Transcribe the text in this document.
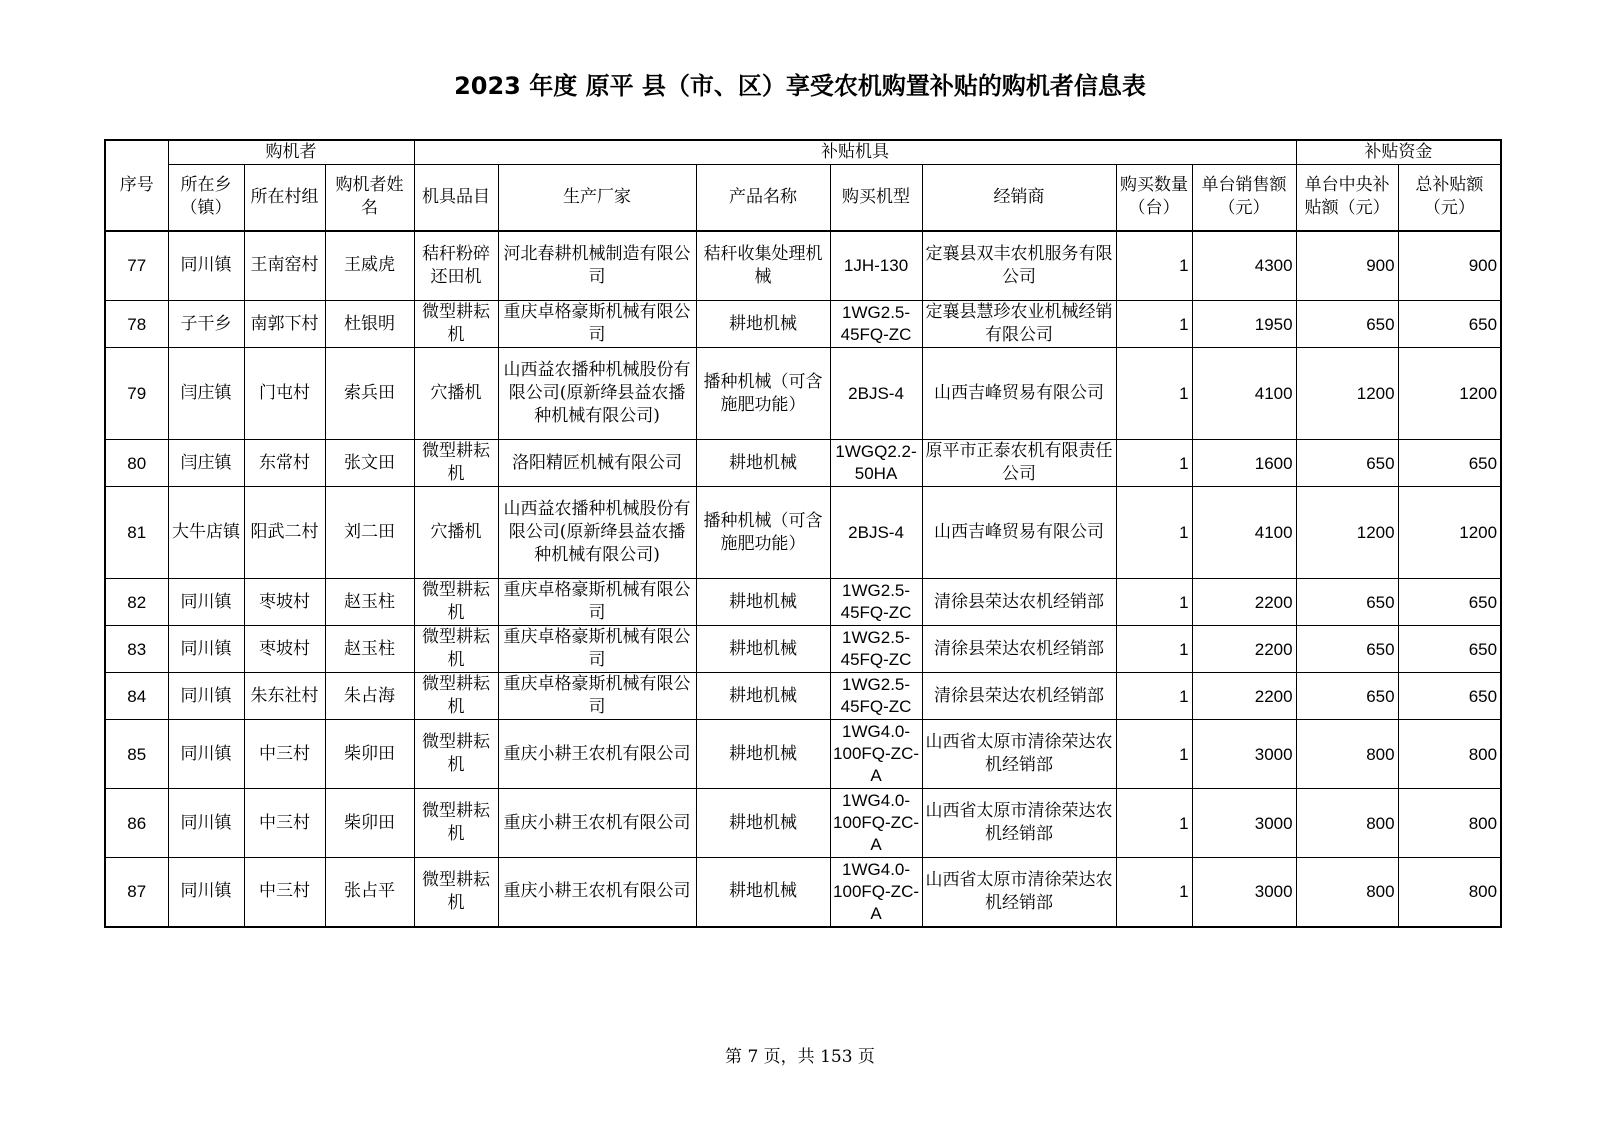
2023 年度 原平 县（市、区）享受农机购置补贴的购机者信息表
序号	购机者			补贴机具							补贴资金	
	所在乡（镇）	所在村组	购机者姓名	机具品目	生产厂家	产品名称	购买机型	经销商	购买数量（台）	单台销售额（元）	单台中央补贴额（元）	总补贴额（元）
77	同川镇	王南窑村	王威虎	秸秆粉碎还田机	河北春耕机械制造有限公司	秸秆收集处理机械	1JH-130	定襄县双丰农机服务有限公司	1	4300	900	900
78	子干乡	南郭下村	杜银明	微型耕耘机	重庆卓格豪斯机械有限公司	耕地机械	1WG2.5-45FQ-ZC	定襄县慧珍农业机械经销有限公司	1	1950	650	650
79	闫庄镇	门屯村	索兵田	穴播机	山西益农播种机械股份有限公司(原新绛县益农播种机械有限公司)	播种机械（可含施肥功能）	2BJS-4	山西吉峰贸易有限公司	1	4100	1200	1200
80	闫庄镇	东常村	张文田	微型耕耘机	洛阳精匠机械有限公司	耕地机械	1WGQ2.2-50HA	原平市正泰农机有限责任公司	1	1600	650	650
81	大牛店镇	阳武二村	刘二田	穴播机	山西益农播种机械股份有限公司(原新绛县益农播种机械有限公司)	播种机械（可含施肥功能）	2BJS-4	山西吉峰贸易有限公司	1	4100	1200	1200
82	同川镇	枣坡村	赵玉柱	微型耕耘机	重庆卓格豪斯机械有限公司	耕地机械	1WG2.5-45FQ-ZC	清徐县荣达农机经销部	1	2200	650	650
83	同川镇	枣坡村	赵玉柱	微型耕耘机	重庆卓格豪斯机械有限公司	耕地机械	1WG2.5-45FQ-ZC	清徐县荣达农机经销部	1	2200	650	650
84	同川镇	朱东社村	朱占海	微型耕耘机	重庆卓格豪斯机械有限公司	耕地机械	1WG2.5-45FQ-ZC	清徐县荣达农机经销部	1	2200	650	650
85	同川镇	中三村	柴卯田	微型耕耘机	重庆小耕王农机有限公司	耕地机械	1WG4.0-100FQ-ZC-A	山西省太原市清徐荣达农机经销部	1	3000	800	800
86	同川镇	中三村	柴卯田	微型耕耘机	重庆小耕王农机有限公司	耕地机械	1WG4.0-100FQ-ZC-A	山西省太原市清徐荣达农机经销部	1	3000	800	800
87	同川镇	中三村	张占平	微型耕耘机	重庆小耕王农机有限公司	耕地机械	1WG4.0-100FQ-ZC-A	山西省太原市清徐荣达农机经销部	1	3000	800	800
第 7 页，共 153 页
